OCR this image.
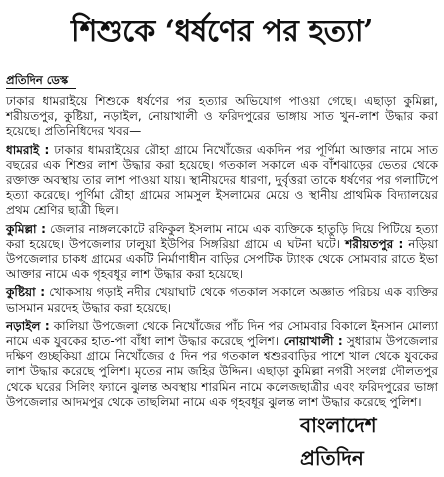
শিশুকে ‘ধর্ষণের পর হত্যা’
প্রতিদিন ডেস্ক

ঢাকার ধামরাইয়ে শিশুকে ধর্ষণের পর হত্যার অভিযোগ পাওয়া গেছে। এছাড়া কুমিল্লা, শরীয়তপুর, কুষ্টিয়া, নড়াইল, নোয়াখালী ও ফরিদপুরের ভাঙ্গায় সাত খুন-লাশ উদ্ধার করা হয়েছে। প্রতিনিধিদের খবর—

ধামরাই : ঢাকার ধামরাইয়ের রৌহা গ্রামে নিখোঁজের একদিন পর পূর্ণিমা আক্তার নামে সাত বছরের এক শিশুর লাশ উদ্ধার করা হয়েছে। গতকাল সকালে এক বাঁশঝাড়ের ভেতর থেকে রক্তাক্ত অবস্থায় তার লাশ পাওয়া যায়। স্থানীয়দের ধারণা, দুর্বৃত্তরা তাকে ধর্ষণের পর গলাটিপে হত্যা করেছে। পূর্ণিমা রৌহা গ্রামের সামসুল ইসলামের মেয়ে ও স্থানীয় প্রাথমিক বিদ্যালয়ের প্রথম শ্রেণির ছাত্রী ছিল।

কুমিল্লা : জেলার নাঙ্গলকোটে রফিকুল ইসলাম নামে এক ব্যক্তিকে হাতুড়ি দিয়ে পিটিয়ে হত্যা করা হয়েছে। উপজেলার ঢালুয়া ইউপির সিঙ্গরিয়া গ্রামে এ ঘটনা ঘটে। শরীয়তপুর : নড়িয়া উপজেলার চাকধ গ্রামের একটি নির্মাণাধীন বাড়ির সেপটিক ট্যাংক থেকে সোমবার রাতে ইভা আক্তার নামে এক গৃহবধূর লাশ উদ্ধার করা হয়েছে।

কুষ্টিয়া : খোকসায় গড়াই নদীর খেয়াঘাট থেকে গতকাল সকালে অজ্ঞাত পরিচয় এক ব্যক্তির ভাসমান মরদেহ উদ্ধার করা হয়েছে।

নড়াইল : কালিয়া উপজেলা থেকে নিখোঁজের পাঁচ দিন পর সোমবার বিকালে ইনসান মোল্যা নামে এক যুবকের হাত-পা বাঁধা লাশ উদ্ধার করেছে পুলিশ। নোয়াখালী : সুধারাম উপজেলার দক্ষিণ গুচ্ছকিয়া গ্রামে নিখোঁজের ৫ দিন পর গতকাল শ্বশুরবাড়ির পাশে খাল থেকে যুবকের লাশ উদ্ধার করেছে পুলিশ। মৃতের নাম জহির উদ্দিন। এছাড়া কুমিল্লা নগরী সংলগ্ন দৌলতপুর থেকে ঘরের সিলিং ফ্যানে ঝুলন্ত অবস্থায় শারমিন নামে কলেজছাত্রীর এবং ফরিদপুরের ভাঙ্গা উপজেলার আদমপুর থেকে তাছলিমা নামে এক গৃহবধূর ঝুলন্ত লাশ উদ্ধার করেছে পুলিশ।

বাংলাদেশ প্রতিদিন
